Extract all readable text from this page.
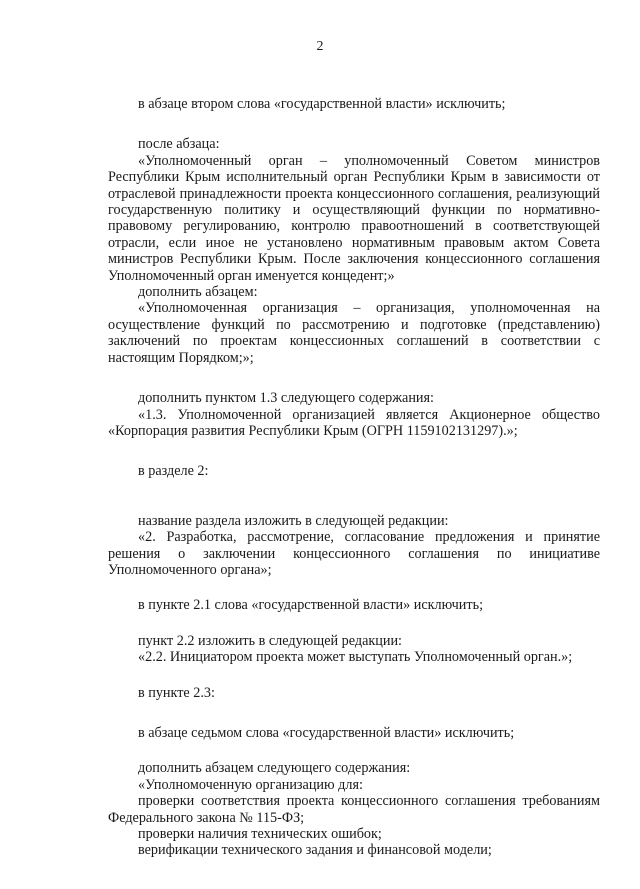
2

в абзаце втором слова «государственной власти» исключить;

после абзаца:

«Уполномоченный орган – уполномоченный Советом министров Республики Крым исполнительный орган Республики Крым в зависимости от отраслевой принадлежности проекта концессионного соглашения, реализующий государственную политику и осуществляющий функции по нормативно-правовому регулированию, контролю правоотношений в соответствующей отрасли, если иное не установлено нормативным правовым актом Совета министров Республики Крым. После заключения концессионного соглашения Уполномоченный орган именуется концедент;»

дополнить абзацем:

«Уполномоченная организация – организация, уполномоченная на осуществление функций по рассмотрению и подготовке (представлению) заключений по проектам концессионных соглашений в соответствии с настоящим Порядком;»;

дополнить пунктом 1.3 следующего содержания:

«1.3. Уполномоченной организацией является Акционерное общество «Корпорация развития Республики Крым (ОГРН 1159102131297).»;

в разделе 2:

название раздела изложить в следующей редакции:

«2. Разработка, рассмотрение, согласование предложения и принятие решения о заключении концессионного соглашения по инициативе Уполномоченного органа»;

в пункте 2.1 слова «государственной власти» исключить;

пункт 2.2 изложить в следующей редакции:

«2.2. Инициатором проекта может выступать Уполномоченный орган.»;

в пункте 2.3:

в абзаце седьмом слова «государственной власти» исключить;

дополнить абзацем следующего содержания:

«Уполномоченную организацию для:

проверки соответствия проекта концессионного соглашения требованиям Федерального закона № 115-ФЗ;

проверки наличия технических ошибок;

верификации технического задания и финансовой модели;
